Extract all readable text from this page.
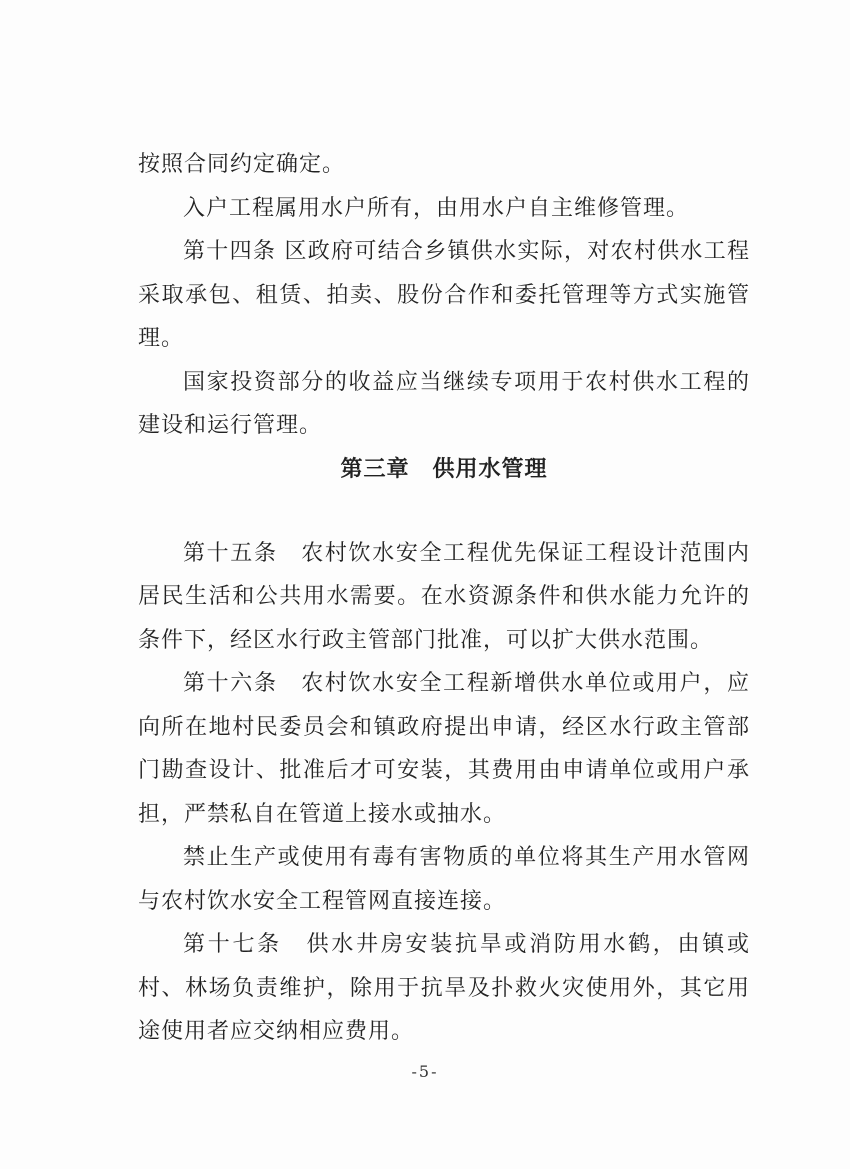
按照合同约定确定。

入户工程属用水户所有，由用水户自主维修管理。

第十四条 区政府可结合乡镇供水实际，对农村供水工程采取承包、租赁、拍卖、股份合作和委托管理等方式实施管理。

国家投资部分的收益应当继续专项用于农村供水工程的建设和运行管理。

第三章　供用水管理

第十五条　农村饮水安全工程优先保证工程设计范围内居民生活和公共用水需要。在水资源条件和供水能力允许的条件下，经区水行政主管部门批准，可以扩大供水范围。

第十六条　农村饮水安全工程新增供水单位或用户，应向所在地村民委员会和镇政府提出申请，经区水行政主管部门勘查设计、批准后才可安装，其费用由申请单位或用户承担，严禁私自在管道上接水或抽水。

禁止生产或使用有毒有害物质的单位将其生产用水管网与农村饮水安全工程管网直接连接。

第十七条　供水井房安装抗旱或消防用水鹤，由镇或村、林场负责维护，除用于抗旱及扑救火灾使用外，其它用途使用者应交纳相应费用。

-5-
